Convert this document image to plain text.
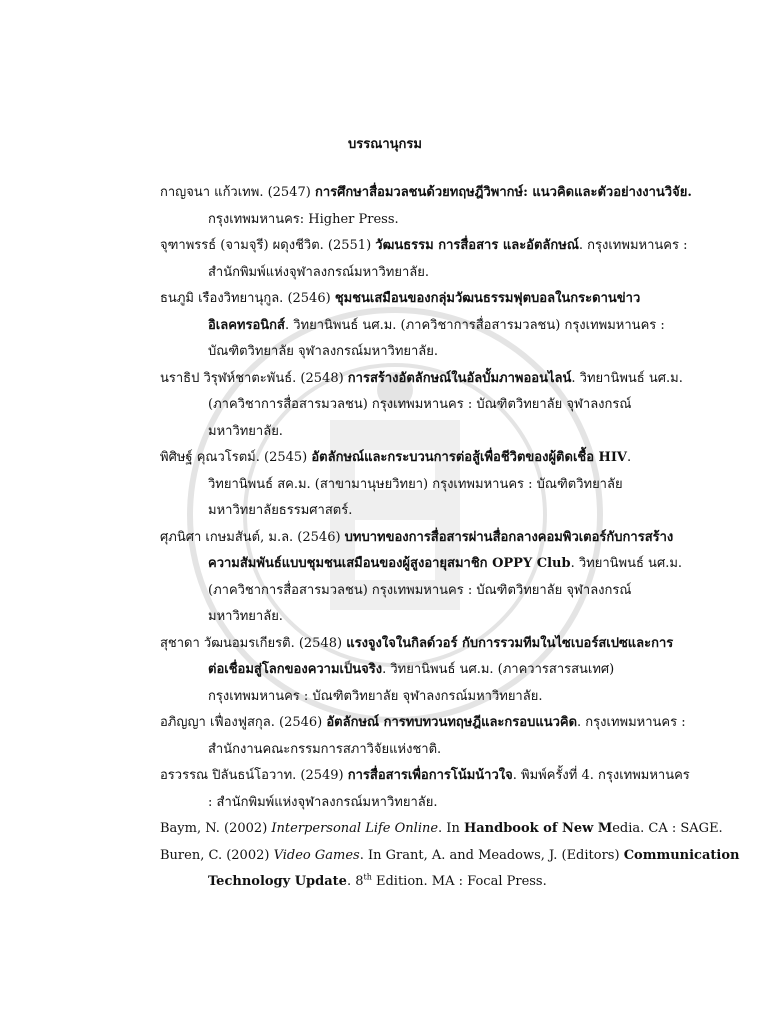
บรรณานุกรม
กาญจนา แก้วเทพ. (2547) การศึกษาสื่อมวลชนด้วยทฤษฎีวิพากษ์: แนวคิดและตัวอย่างงานวิจัย.
กรุงเทพมหานคร: Higher Press.
จุฑาพรรธ์ (จามจุรี) ผดุงชีวิต. (2551) วัฒนธรรม การสื่อสาร และอัตลักษณ์. กรุงเทพมหานคร :
สำนักพิมพ์แห่งจุฬาลงกรณ์มหาวิทยาลัย.
ธนภูมิ เรืองวิทยานุกูล. (2546) ชุมชนเสมือนของกลุ่มวัฒนธรรมฟุตบอลในกระดานข่าว
อิเลคทรอนิกส์. วิทยานิพนธ์ นศ.ม. (ภาควิชาการสื่อสารมวลชน) กรุงเทพมหานคร :
บัณฑิตวิทยาลัย จุฬาลงกรณ์มหาวิทยาลัย.
นราธิป วิรุฬห์ชาตะพันธ์. (2548) การสร้างอัตลักษณ์ในอัลบั้มภาพออนไลน์. วิทยานิพนธ์ นศ.ม.
(ภาควิชาการสื่อสารมวลชน) กรุงเทพมหานคร : บัณฑิตวิทยาลัย จุฬาลงกรณ์
มหาวิทยาลัย.
พิศิษฐ์ คุณวโรตม์. (2545) อัตลักษณ์และกระบวนการต่อสู้เพื่อชีวิตของผู้ติดเชื้อ HIV.
วิทยานิพนธ์ สค.ม. (สาขามานุษยวิทยา) กรุงเทพมหานคร : บัณฑิตวิทยาลัย
มหาวิทยาลัยธรรมศาสตร์.
ศุภนิศา เกษมสันต์, ม.ล. (2546) บทบาทของการสื่อสารผ่านสื่อกลางคอมพิวเตอร์กับการสร้าง
ความสัมพันธ์แบบชุมชนเสมือนของผู้สูงอายุสมาชิก OPPY Club. วิทยานิพนธ์ นศ.ม.
(ภาควิชาการสื่อสารมวลชน) กรุงเทพมหานคร : บัณฑิตวิทยาลัย จุฬาลงกรณ์
มหาวิทยาลัย.
สุชาดา วัฒนอมรเกียรติ. (2548) แรงจูงใจในกิลด์วอร์ กับการรวมทีมในไซเบอร์สเปซและการ
ต่อเชื่อมสู่โลกของความเป็นจริง. วิทยานิพนธ์ นศ.ม. (ภาควารสารสนเทศ)
กรุงเทพมหานคร : บัณฑิตวิทยาลัย จุฬาลงกรณ์มหาวิทยาลัย.
อภิญญา เฟื่องฟูสกุล. (2546) อัตลักษณ์ การทบทวนทฤษฎีและกรอบแนวคิด. กรุงเทพมหานคร :
สำนักงานคณะกรรมการสภาวิจัยแห่งชาติ.
อรวรรณ ปิลันธน์โอวาท. (2549) การสื่อสารเพื่อการโน้มน้าวใจ. พิมพ์ครั้งที่ 4. กรุงเทพมหานคร
: สำนักพิมพ์แห่งจุฬาลงกรณ์มหาวิทยาลัย.
Baym, N. (2002) Interpersonal Life Online. In Handbook of New Media. CA : SAGE.
Buren, C. (2002) Video Games. In Grant, A. and Meadows, J. (Editors) Communication
Technology Update. 8th Edition. MA : Focal Press.
